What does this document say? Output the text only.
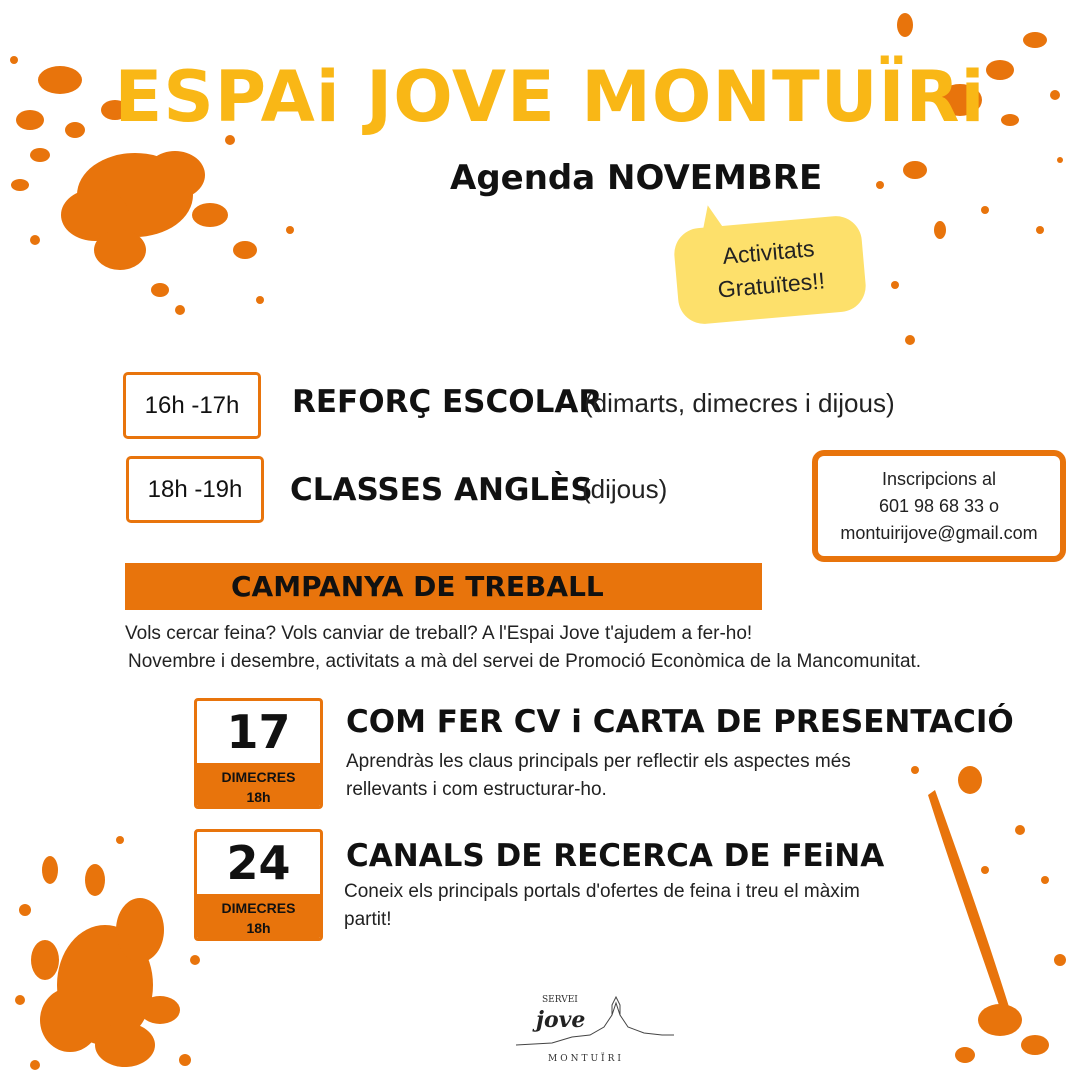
ESPAi JOVE MONTUÏRi
Agenda NOVEMBRE
Activitats
Gratuïtes!!
16h -17h	REFORÇ ESCOLAR
(dimarts, dimecres i dijous)
18h -19h	CLASSES ANGLÈS
(dijous)	Inscripcions al
601 98 68 33 o
montuirijove@gmail.com
CAMPANYA DE TREBALL
Vols cercar feina? Vols canviar de treball? A l'Espai Jove t'ajudem a fer-ho!
Novembre i desembre, activitats a mà del servei de Promoció Econòmica de la Mancomunitat.
17
DIMECRES
18h
COM FER CV i CARTA DE PRESENTACIÓ
Aprendràs les claus principals per reflectir els aspectes més rellevants i com estructurar-ho.
24
DIMECRES
18h
CANALS DE RECERCA DE FEiNA
Coneix els principals portals d'ofertes de feina i treu el màxim partit!
SERVEI
jove
MONTUÏRI
